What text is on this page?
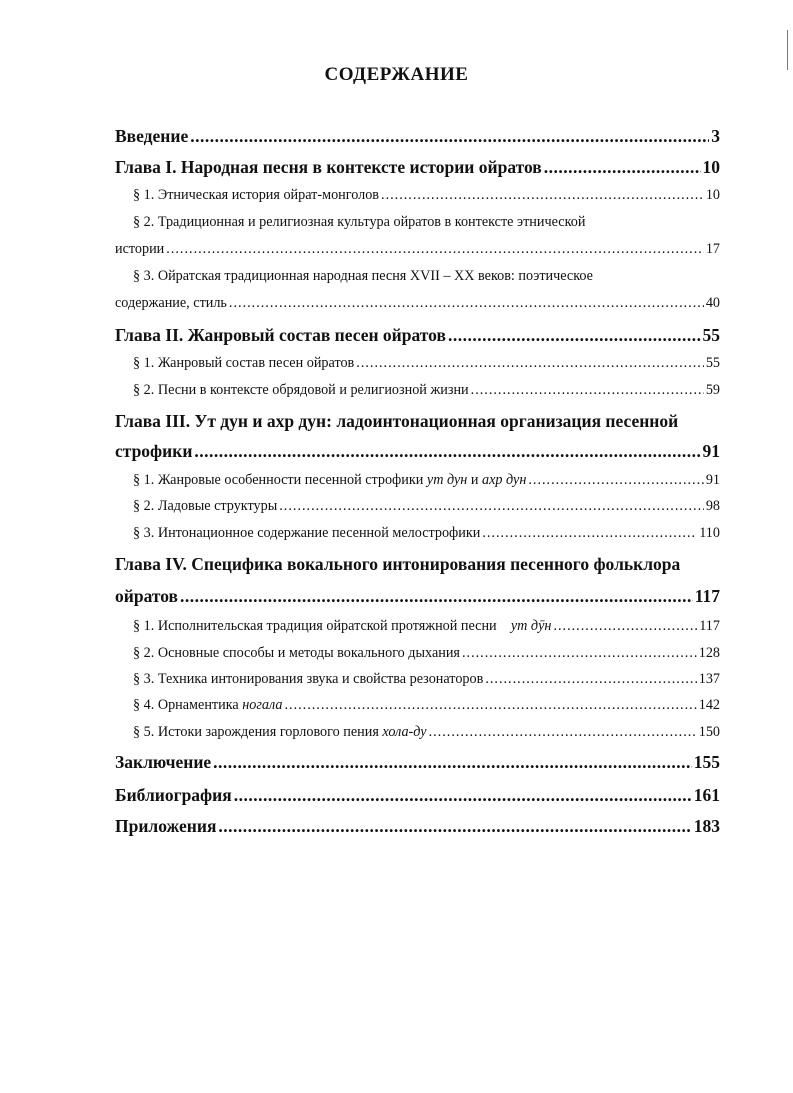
СОДЕРЖАНИЕ
Введение .....	3
Глава I. Народная песня в контексте истории ойратов .....	10
§ 1. Этническая история ойрат-монголов .....	10
§ 2. Традиционная и религиозная культура ойратов в контексте этнической
истории .....	17
§ 3. Ойратская традиционная народная песня XVII – XX веков: поэтическое
содержание, стиль .....	40
Глава II. Жанровый состав песен ойратов .....	55
§ 1. Жанровый состав песен ойратов .....	55
§ 2. Песни в контексте обрядовой и религиозной жизни .....	59
Глава III. Ут дун и ахр дун: ладоинтонационная организация песенной
строфики .....	91
§ 1. Жанровые особенности песенной строфики ут дун и ахр дун .....	91
§ 2. Ладовые структуры .....	98
§ 3. Интонационное содержание песенной мелострофики .....	110
Глава IV. Специфика вокального интонирования песенного фольклора
ойратов .....	117
§ 1. Исполнительская традиция ойратской протяжной песни    ут дӯн .....	117
§ 2. Основные способы и методы вокального дыхания .....	128
§ 3. Техника интонирования звука и свойства резонаторов .....	137
§ 4. Орнаментика ногала .....	142
§ 5. Истоки зарождения горлового пения хола-ду .....	150
Заключение .....	155
Библиография .....	161
Приложения .....	183
